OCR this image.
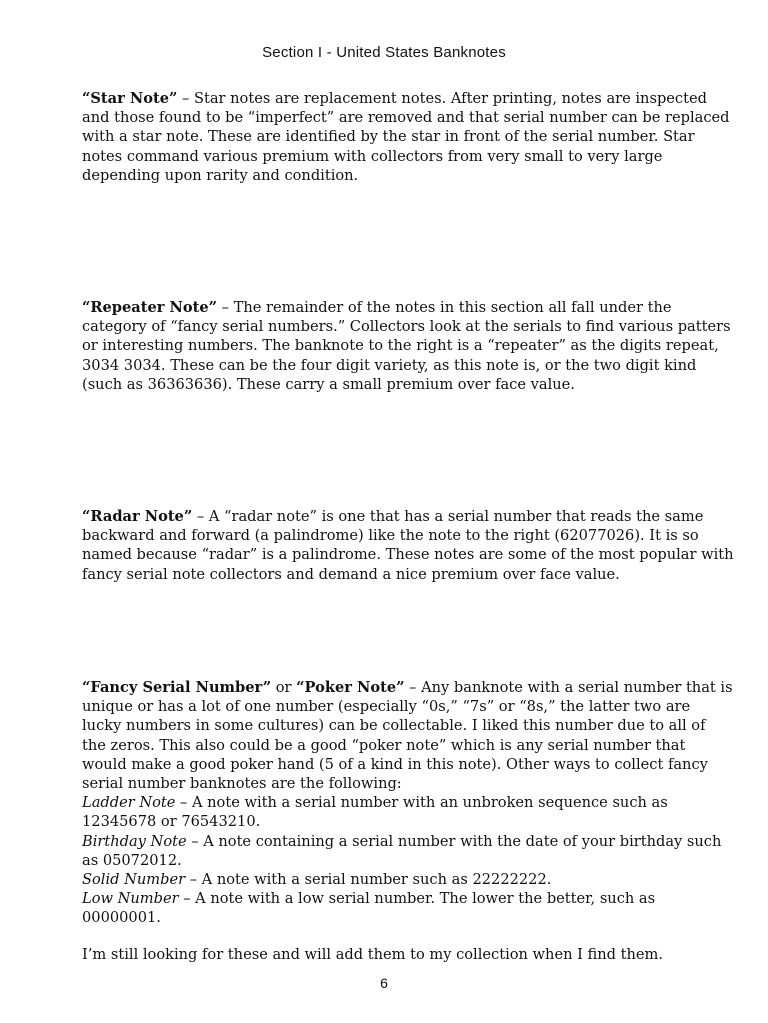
Section I - United States Banknotes

“Star Note” – Star notes are replacement notes. After printing, notes are inspected and those found to be “imperfect” are removed and that serial number can be replaced with a star note. These are identified by the star in front of the serial number. Star notes command various premium with collectors from very small to very large depending upon rarity and condition.

“Repeater Note” – The remainder of the notes in this section all fall under the category of “fancy serial numbers.” Collectors look at the serials to find various patters or interesting numbers. The banknote to the right is a “repeater” as the digits repeat, 3034 3034. These can be the four digit variety, as this note is, or the two digit kind (such as 36363636). These carry a small premium over face value.

“Radar Note” – A “radar note” is one that has a serial number that reads the same backward and forward (a palindrome) like the note to the right (62077026). It is so named because “radar” is a palindrome. These notes are some of the most popular with fancy serial note collectors and demand a nice premium over face value.

“Fancy Serial Number” or “Poker Note” – Any banknote with a serial number that is unique or has a lot of one number (especially “0s,” “7s” or “8s,” the latter two are lucky numbers in some cultures) can be collectable. I liked this number due to all of the zeros. This also could be a good “poker note” which is any serial number that would make a good poker hand (5 of a kind in this note). Other ways to collect fancy serial number banknotes are the following:

Ladder Note – A note with a serial number with an unbroken sequence such as 12345678 or 76543210.

Birthday Note – A note containing a serial number with the date of your birthday such as 05072012.

Solid Number – A note with a serial number such as 22222222.

Low Number – A note with a low serial number. The lower the better, such as 00000001.

I’m still looking for these and will add them to my collection when I find them.

6
